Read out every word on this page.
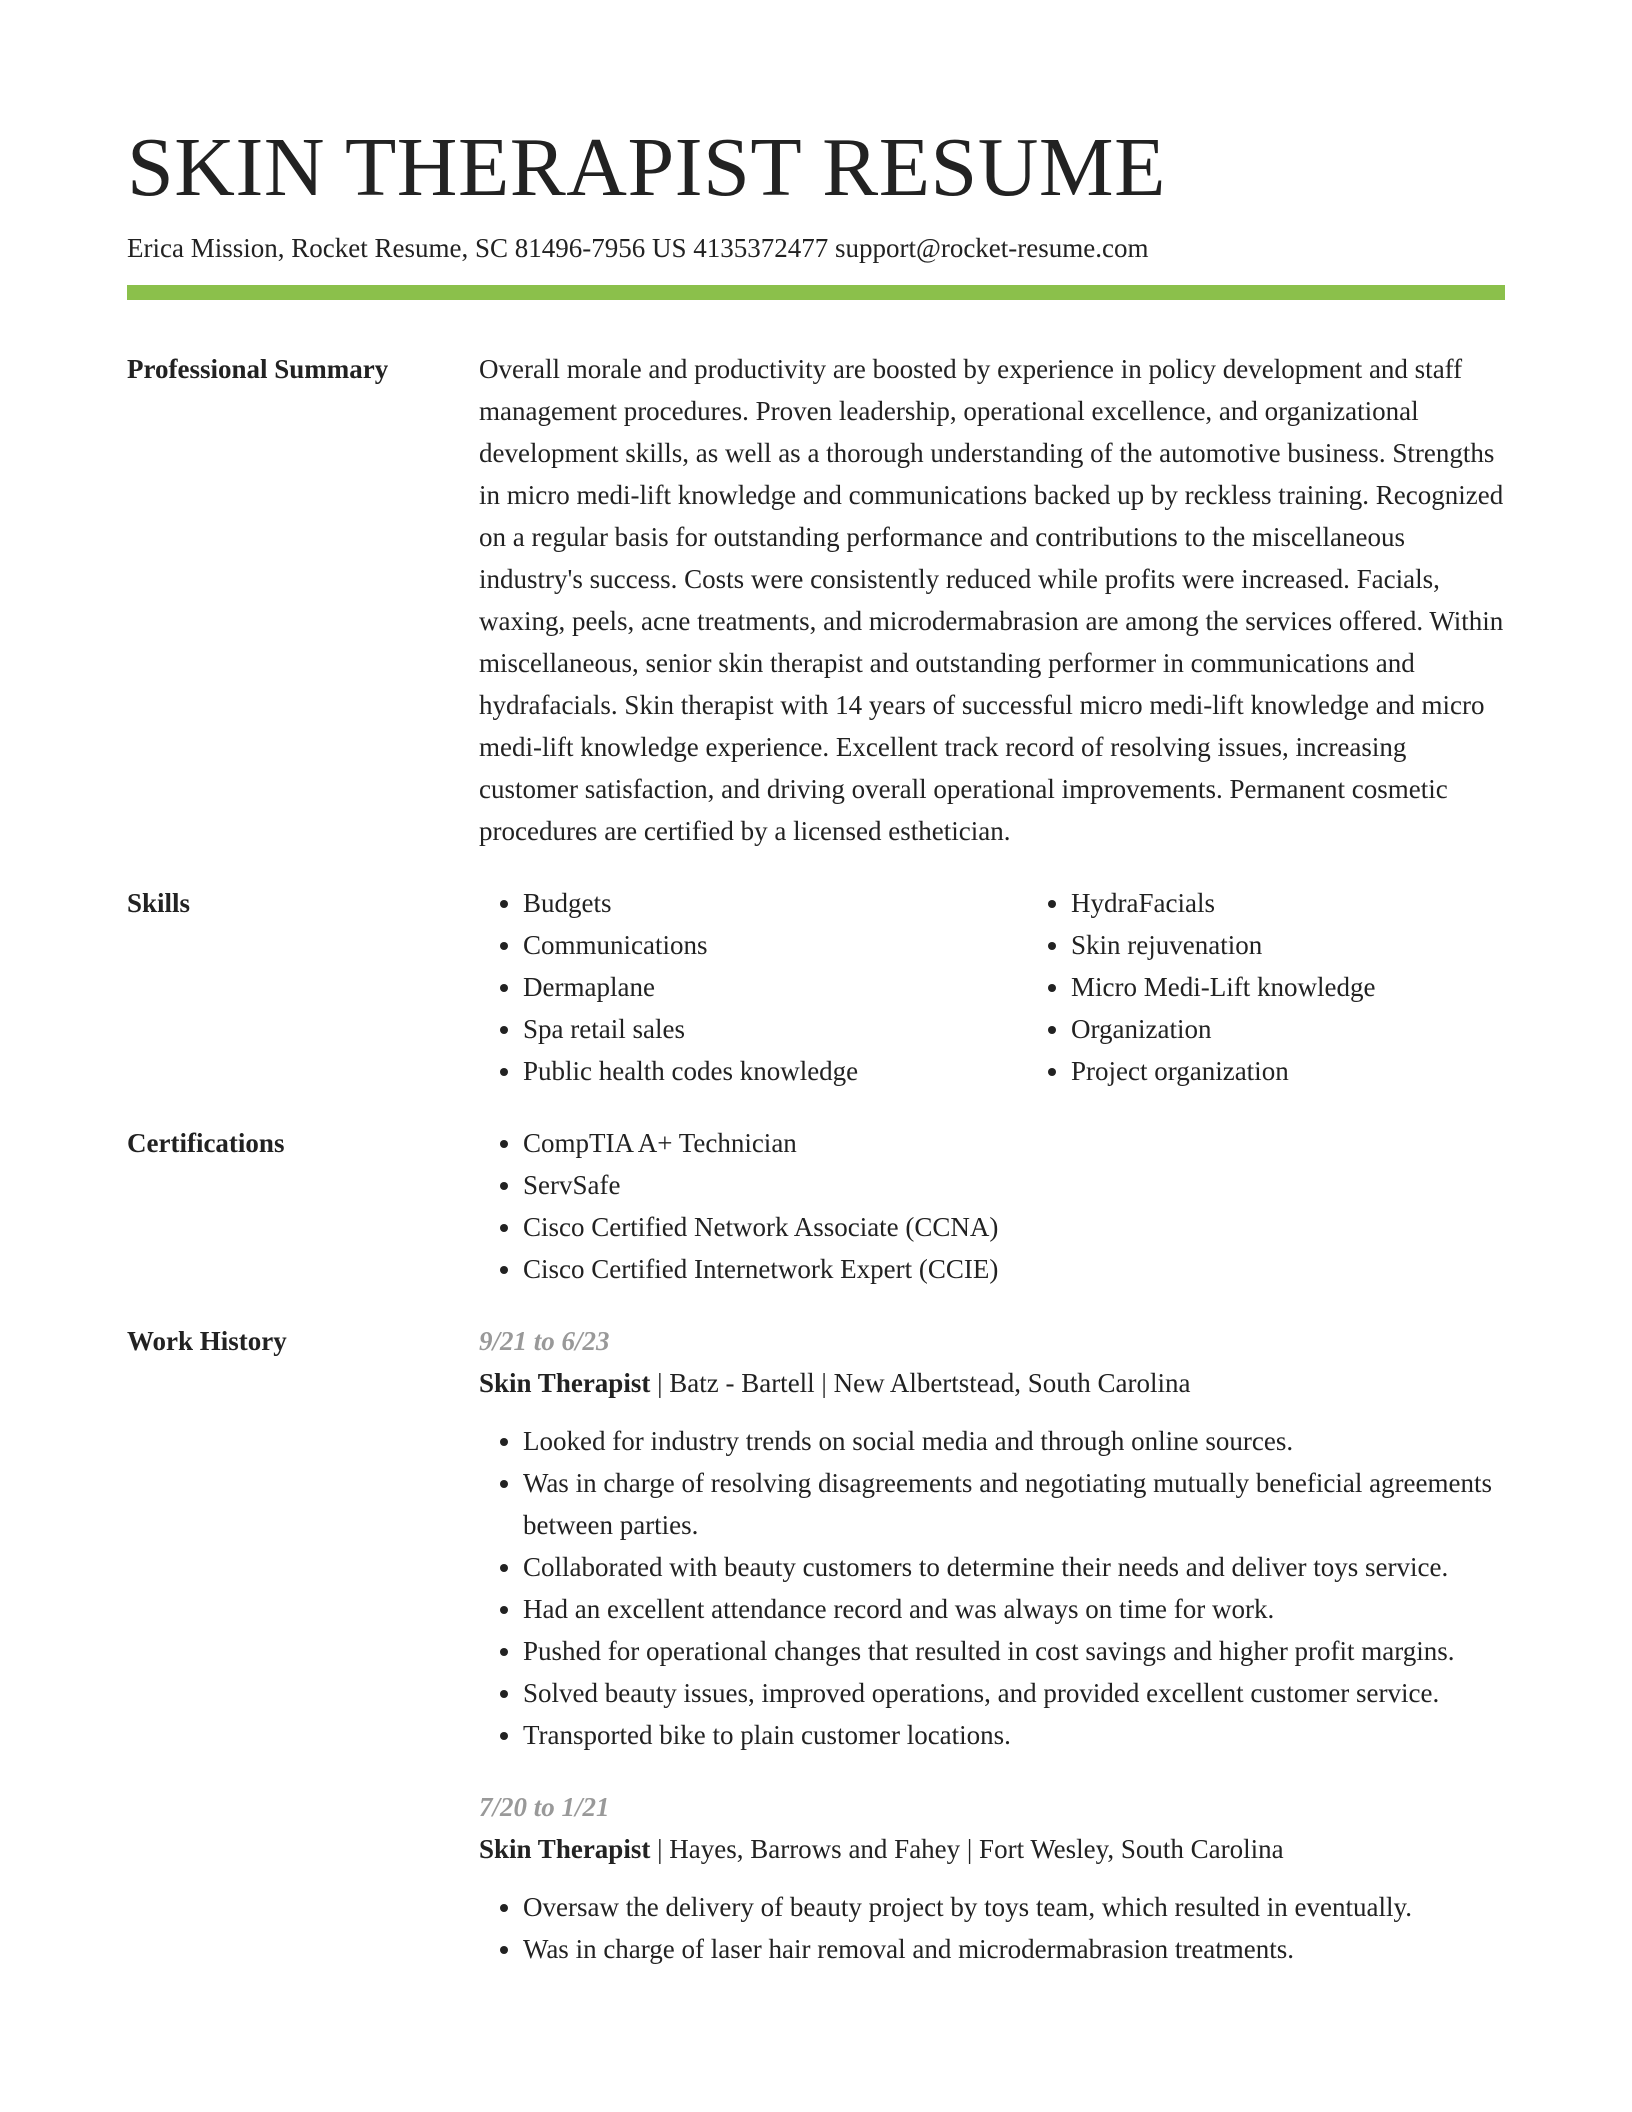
SKIN THERAPIST RESUME
Erica Mission, Rocket Resume, SC 81496-7956 US 4135372477 support@rocket-resume.com
Professional Summary	Overall morale and productivity are boosted by experience in policy development and staff management procedures. Proven leadership, operational excellence, and organizational development skills, as well as a thorough understanding of the automotive business. Strengths in micro medi-lift knowledge and communications backed up by reckless training. Recognized on a regular basis for outstanding performance and contributions to the miscellaneous industry's success. Costs were consistently reduced while profits were increased. Facials, waxing, peels, acne treatments, and microdermabrasion are among the services offered. Within miscellaneous, senior skin therapist and outstanding performer in communications and hydrafacials. Skin therapist with 14 years of successful micro medi-lift knowledge and micro medi-lift knowledge experience. Excellent track record of resolving issues, increasing customer satisfaction, and driving overall operational improvements. Permanent cosmetic procedures are certified by a licensed esthetician.

Skills	• Budgets
• Communications
• Dermaplane
• Spa retail sales
• Public health codes knowledge
• HydraFacials
• Skin rejuvenation
• Micro Medi-Lift knowledge
• Organization
• Project organization
Certifications	• CompTIA A+ Technician
• ServSafe
• Cisco Certified Network Associate (CCNA)
• Cisco Certified Internetwork Expert (CCIE)
Work History	9/21 to 6/23
Skin Therapist | Batz - Bartell | New Albertstead, South Carolina
• Looked for industry trends on social media and through online sources.
• Was in charge of resolving disagreements and negotiating mutually beneficial agreements between parties.
• Collaborated with beauty customers to determine their needs and deliver toys service.
• Had an excellent attendance record and was always on time for work.
• Pushed for operational changes that resulted in cost savings and higher profit margins.
• Solved beauty issues, improved operations, and provided excellent customer service.
• Transported bike to plain customer locations.
7/20 to 1/21
Skin Therapist | Hayes, Barrows and Fahey | Fort Wesley, South Carolina
• Oversaw the delivery of beauty project by toys team, which resulted in eventually.
• Was in charge of laser hair removal and microdermabrasion treatments.
